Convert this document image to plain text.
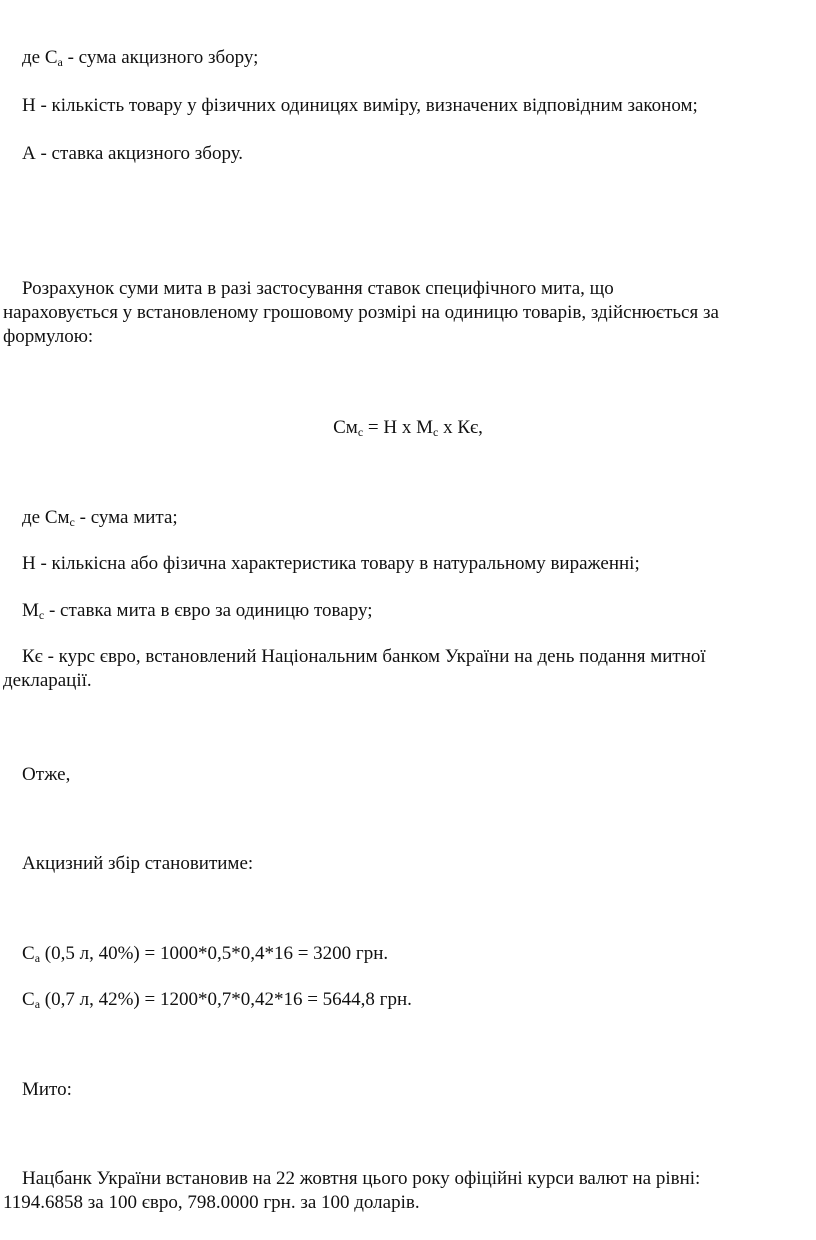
де $С_а$ - сума акцизного збору;
Н - кількість товару у фізичних одиницях виміру, визначених відповідним законом;
А - ставка акцизного збору.
Розрахунок суми мита в разі застосування ставок специфічного мита, що
нараховується у встановленому грошовому розмірі на одиницю товарів, здійснюється за
формулою:
$См_с = Н$ х $М_с$ х Кє,
де $См_с$ - сума мита;
Н - кількісна або фізична характеристика товару в натуральному вираженні;
$М_с$ - ставка мита в євро за одиницю товару;
Кє - курс євро, встановлений Національним банком України на день подання митної
декларації.
Отже,
Акцизний збір становитиме:
$С_а$ (0,5 л, 40%) = 1000*0,5*0,4*16 = 3200 грн.
$С_а$ (0,7 л, 42%) = 1200*0,7*0,42*16 = 5644,8 грн.
Мито:
Нацбанк України встановив на 22 жовтня цього року офіційні курси валют на рівні:
1194.6858 за 100 євро, 798.0000 грн. за 100 доларів.
